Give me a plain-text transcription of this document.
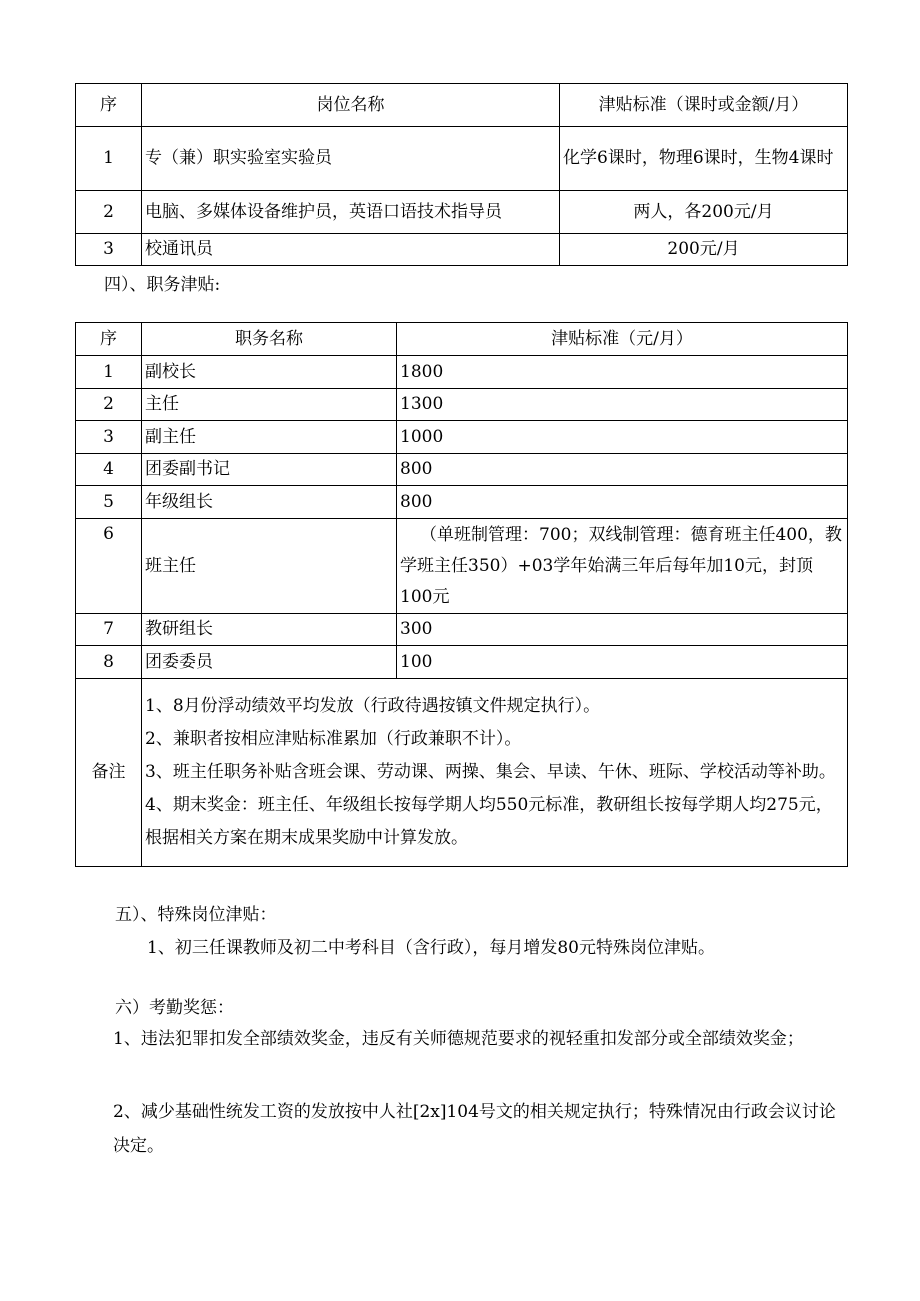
序	岗位名称	津贴标准（课时或金额/月）
1	专（兼）职实验室实验员	化学6课时，物理6课时，生物4课时
2	电脑、多媒体设备维护员，英语口语技术指导员	两人，各200元/月
3	校通讯员	200元/月
四）、职务津贴:
序	职务名称	津贴标准（元/月）
1	副校长	1800
2	主任	1300
3	副主任	1000
4	团委副书记	800
5	年级组长	800
6	班主任	（单班制管理：700；双线制管理：德育班主任400，教学班主任350）+03学年始满三年后每年加10元，封顶100元
7	教研组长	300
8	团委委员	100
备注	1、8月份浮动绩效平均发放（行政待遇按镇文件规定执行）。
2、兼职者按相应津贴标准累加（行政兼职不计）。
3、班主任职务补贴含班会课、劳动课、两操、集会、早读、午休、班际、学校活动等补助。
4、期末奖金：班主任、年级组长按每学期人均550元标准，教研组长按每学期人均275元，根据相关方案在期末成果奖励中计算发放。	
五）、特殊岗位津贴：
1、初三任课教师及初二中考科目（含行政），每月增发80元特殊岗位津贴。
六）考勤奖惩：
1、违法犯罪扣发全部绩效奖金，违反有关师德规范要求的视轻重扣发部分或全部绩效奖金；
2、减少基础性统发工资的发放按中人社[2x]104号文的相关规定执行；特殊情况由行政会议讨论决定。
